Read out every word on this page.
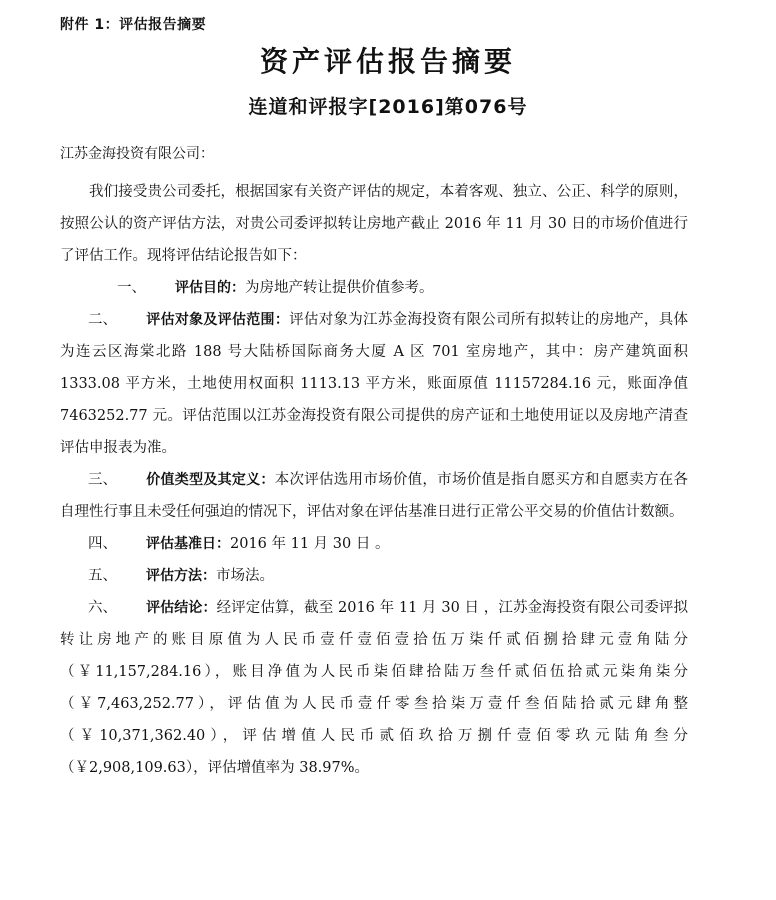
附件 1：评估报告摘要
资产评估报告摘要
连道和评报字[2016]第076号
江苏金海投资有限公司：

我们接受贵公司委托，根据国家有关资产评估的规定，本着客观、独立、公正、科学的原则，按照公认的资产评估方法，对贵公司委评拟转让房地产截止 2016 年 11 月 30 日的市场价值进行了评估工作。现将评估结论报告如下：

一、 评估目的：为房地产转让提供价值参考。

二、 评估对象及评估范围：评估对象为江苏金海投资有限公司所有拟转让的房地产，具体为连云区海棠北路 188 号大陆桥国际商务大厦 A 区 701 室房地产，其中：房产建筑面积 1333.08 平方米，土地使用权面积 1113.13 平方米，账面原值 11157284.16 元，账面净值 7463252.77 元。评估范围以江苏金海投资有限公司提供的房产证和土地使用证以及房地产清查评估申报表为准。

三、 价值类型及其定义：本次评估选用市场价值，市场价值是指自愿买方和自愿卖方在各自理性行事且未受任何强迫的情况下，评估对象在评估基准日进行正常公平交易的价值估计数额。

四、 评估基准日：2016 年 11 月 30 日 。

五、 评估方法：市场法。

六、 评估结论：经评定估算，截至 2016 年 11 月 30 日 ，江苏金海投资有限公司委评拟转让房地产的账目原值为人民币壹仟壹佰壹拾伍万柒仟贰佰捌拾肆元壹角陆分（￥11,157,284.16），账目净值为人民币柒佰肆拾陆万叁仟贰佰伍拾贰元柒角柒分（￥7,463,252.77），评估值为人民币壹仟零叁拾柒万壹仟叁佰陆拾贰元肆角整（￥10,371,362.40），评估增值人民币贰佰玖拾万捌仟壹佰零玖元陆角叁分（￥2,908,109.63），评估增值率为 38.97%。
